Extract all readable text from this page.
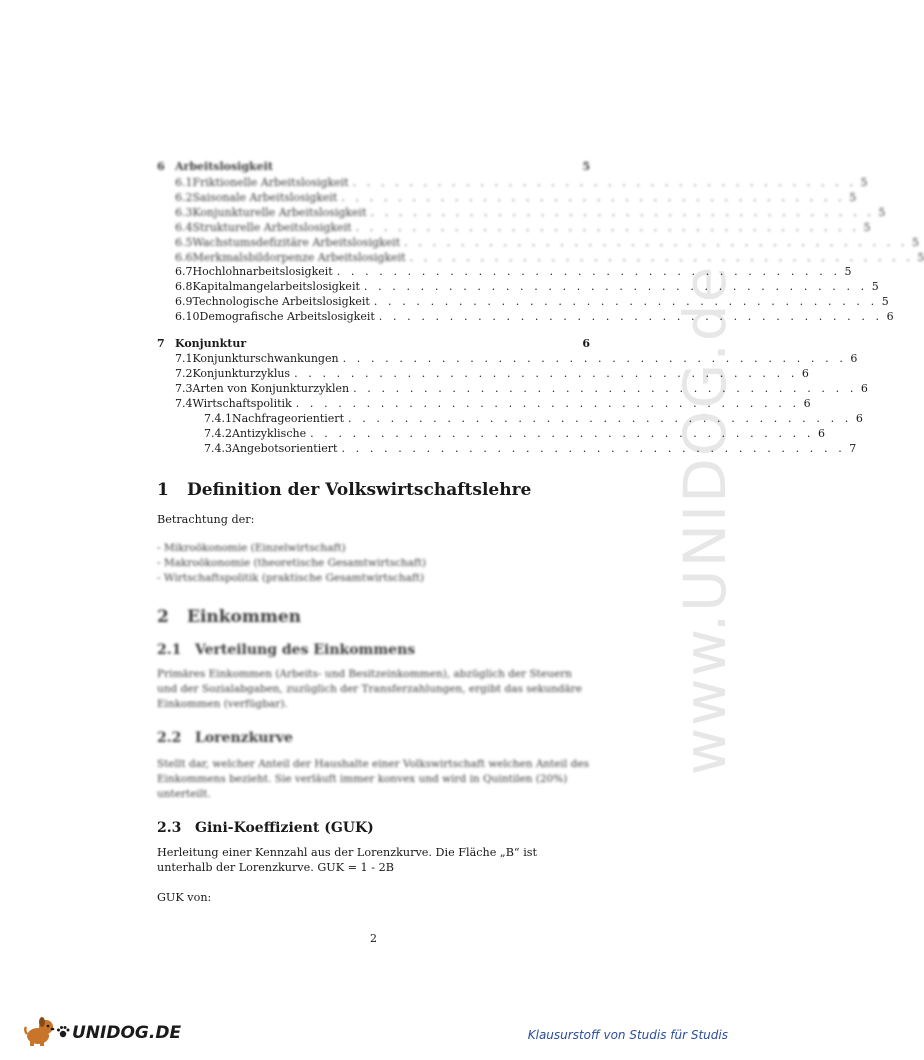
www.UNIDOG.de
6 Arbeitslosigkeit	5
6.1 Friktionelle Arbeitslosigkeit . . . . . . . . . . . . . . . . . . . . . . . . . . . . . . . . . . . . 5
6.2 Saisonale Arbeitslosigkeit . . . . . . . . . . . . . . . . . . . . . . . . . . . . . . . . . . . . 5
6.3 Konjunkturelle Arbeitslosigkeit . . . . . . . . . . . . . . . . . . . . . . . . . . . . . . . . . . . . 5
6.4 Strukturelle Arbeitslosigkeit . . . . . . . . . . . . . . . . . . . . . . . . . . . . . . . . . . . . 5
6.5 Wachstumsdefizitäre Arbeitslosigkeit . . . . . . . . . . . . . . . . . . . . . . . . . . . . . . . . . . . . 5
6.6 Merkmalsbildorpenze Arbeitslosigkeit . . . . . . . . . . . . . . . . . . . . . . . . . . . . . . . . . . . . 5
6.7 Hochlohnarbeitslosigkeit . . . . . . . . . . . . . . . . . . . . . . . . . . . . . . . . . . . . 5
6.8 Kapitalmangelarbeitslosigkeit . . . . . . . . . . . . . . . . . . . . . . . . . . . . . . . . . . . . 5
6.9 Technologische Arbeitslosigkeit . . . . . . . . . . . . . . . . . . . . . . . . . . . . . . . . . . . . 5
6.10 Demografische Arbeitslosigkeit . . . . . . . . . . . . . . . . . . . . . . . . . . . . . . . . . . . . 6
7 Konjunktur	6
7.1 Konjunkturschwankungen . . . . . . . . . . . . . . . . . . . . . . . . . . . . . . . . . . . . 6
7.2 Konjunkturzyklus . . . . . . . . . . . . . . . . . . . . . . . . . . . . . . . . . . . . 6
7.3 Arten von Konjunkturzyklen . . . . . . . . . . . . . . . . . . . . . . . . . . . . . . . . . . . . 6
7.4 Wirtschaftspolitik . . . . . . . . . . . . . . . . . . . . . . . . . . . . . . . . . . . . 6
7.4.1 Nachfrageorientiert . . . . . . . . . . . . . . . . . . . . . . . . . . . . . . . . . . . . 6
7.4.2 Antizyklische . . . . . . . . . . . . . . . . . . . . . . . . . . . . . . . . . . . . 6
7.4.3 Angebotsorientiert . . . . . . . . . . . . . . . . . . . . . . . . . . . . . . . . . . . . 7
1 Definition der Volkswirtschaftslehre
Betrachtung der:
- Mikroökonomie (Einzelwirtschaft)
- Makroökonomie (theoretische Gesamtwirtschaft)
- Wirtschaftspolitik (praktische Gesamtwirtschaft)
2 Einkommen
2.1 Verteilung des Einkommens
Primäres Einkommen (Arbeits- und Besitzeinkommen), abzüglich der Steuern
und der Sozialabgaben, zuzüglich der Transferzahlungen, ergibt das sekundäre
Einkommen (verfügbar).
2.2 Lorenzkurve
Stellt dar, welcher Anteil der Haushalte einer Volkswirtschaft welchen Anteil des
Einkommens bezieht. Sie verläuft immer konvex und wird in Quintilen (20%)
unterteilt.
2.3 Gini-Koeffizient (GUK)
Herleitung einer Kennzahl aus der Lorenzkurve. Die Fläche „B“ ist unterhalb der Lorenzkurve. GUK = 1 - 2B
GUK von:
2
UNIDOG.DE	Klausurstoff von Studis für Studis
